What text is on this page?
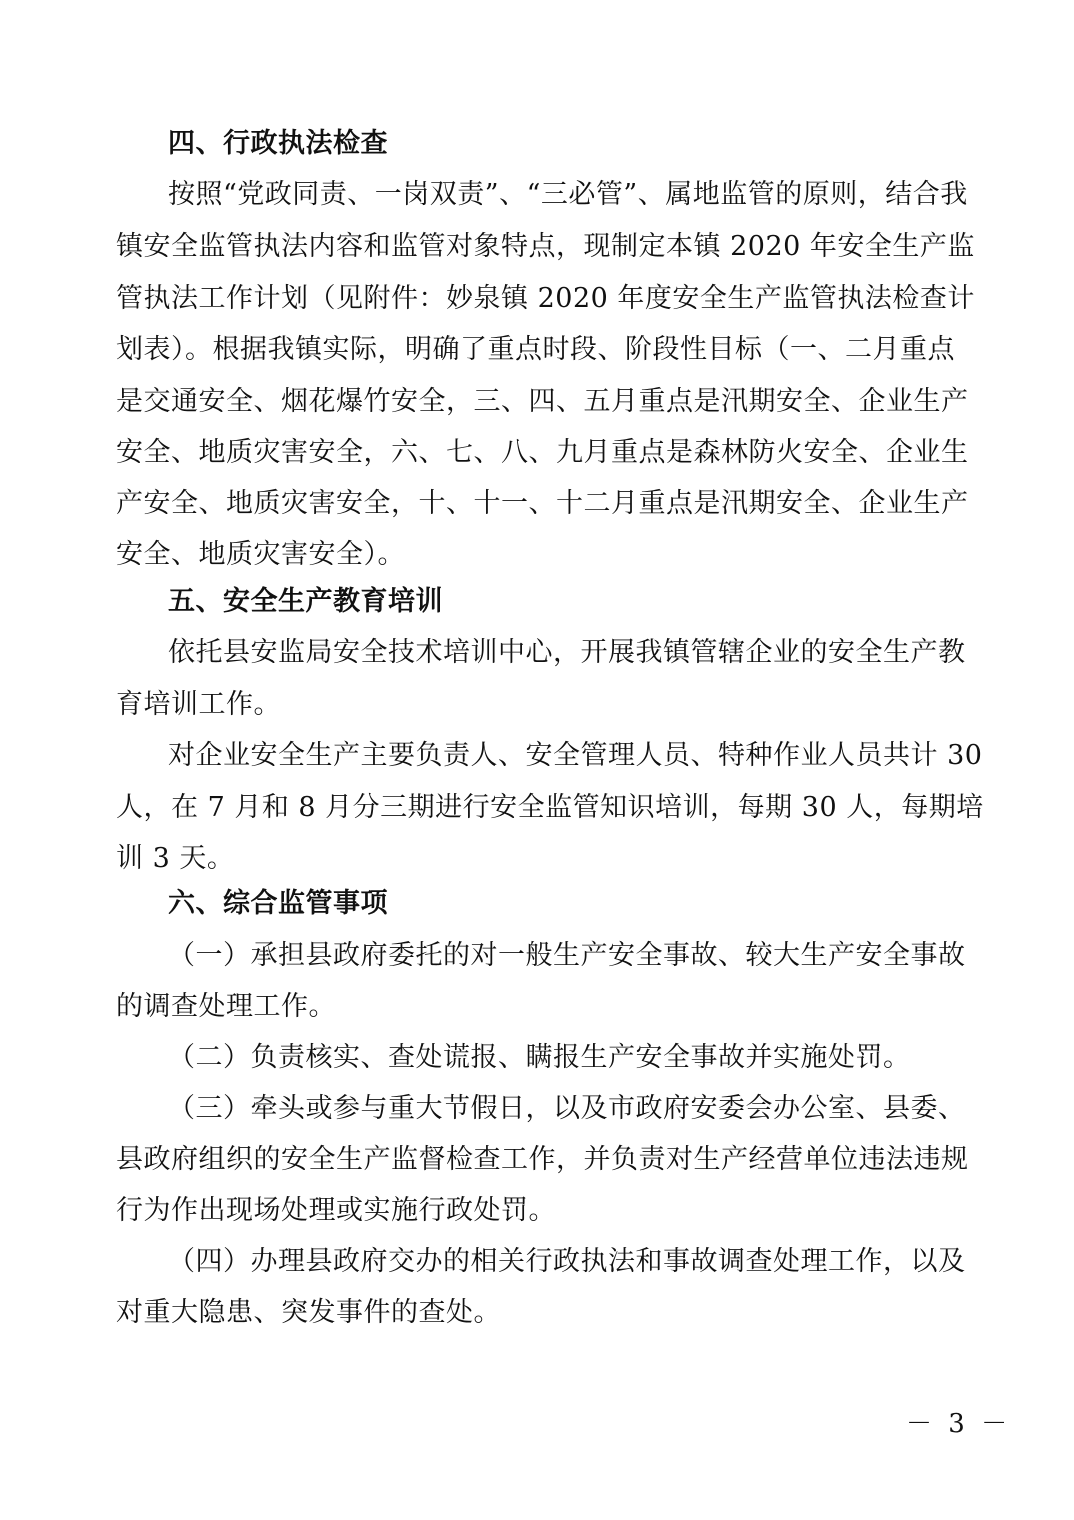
四、行政执法检查
按照“党政同责、一岗双责”、“三必管”、属地监管的原则，结合我
镇安全监管执法内容和监管对象特点，现制定本镇 2020 年安全生产监
管执法工作计划（见附件：妙泉镇 2020 年度安全生产监管执法检查计
划表）。根据我镇实际，明确了重点时段、阶段性目标（一、二月重点
是交通安全、烟花爆竹安全，三、四、五月重点是汛期安全、企业生产
安全、地质灾害安全，六、七、八、九月重点是森林防火安全、企业生
产安全、地质灾害安全，十、十一、十二月重点是汛期安全、企业生产
安全、地质灾害安全）。
五、安全生产教育培训
依托县安监局安全技术培训中心，开展我镇管辖企业的安全生产教
育培训工作。
对企业安全生产主要负责人、安全管理人员、特种作业人员共计 30
人，在 7 月和 8 月分三期进行安全监管知识培训，每期 30 人，每期培
训 3 天。
六、综合监管事项
（一）承担县政府委托的对一般生产安全事故、较大生产安全事故
的调查处理工作。
（二）负责核实、查处谎报、瞒报生产安全事故并实施处罚。
（三）牵头或参与重大节假日，以及市政府安委会办公室、县委、
县政府组织的安全生产监督检查工作，并负责对生产经营单位违法违规
行为作出现场处理或实施行政处罚。
（四）办理县政府交办的相关行政执法和事故调查处理工作，以及
对重大隐患、突发事件的查处。
－ 3 －
